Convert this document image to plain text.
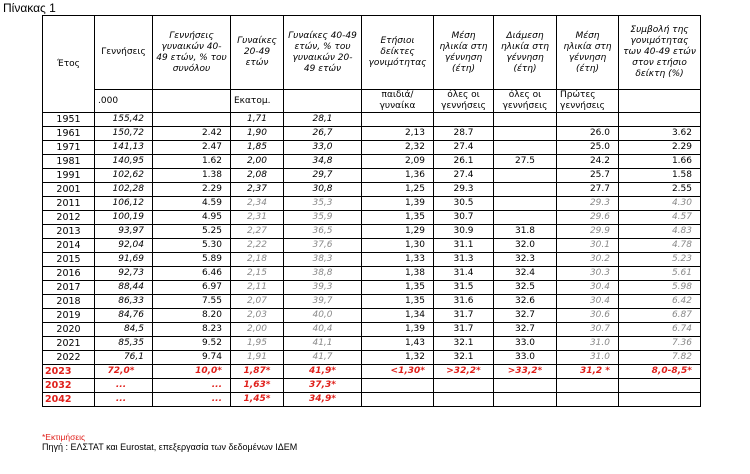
Πίνακας 1
Έτος	Γεννήσεις	Γεννήσεις γυναικών 40-49 ετών, % του συνόλου	Γυναίκες 20-49 ετών	Γυναίκες 40-49 ετών, % του γυναικών 20-49 ετών	Ετήσιοι δείκτες γονιμότητας	Μέση ηλικία στη γέννηση (έτη)	Διάμεση ηλικία στη γέννηση (έτη)	Μέση ηλικία στη γέννηση (έτη)	Συμβολή της γονιμότητας των 40-49 ετών στον ετήσιο δείκτη (%)
	.000		Εκατομ.		παιδιά/ γυναίκα	όλες οι γεννήσεις	όλες οι γεννήσεις	Πρώτες γεννήσεις	
1951	155,42		1,71	28,1					
1961	150,72	2.42	1,90	26,7	2,13	28.7		26.0	3.62
1971	141,13	2.47	1,85	33,0	2,32	27.4		25.0	2.29
1981	140,95	1.62	2,00	34,8	2,09	26.1	27.5	24.2	1.66
1991	102,62	1.38	2,08	29,7	1,36	27.4		25.7	1.58
2001	102,28	2.29	2,37	30,8	1,25	29.3		27.7	2.55
2011	106,12	4.59	2,34	35,3	1,39	30.5		29.3	4.30
2012	100,19	4.95	2,31	35,9	1,35	30.7		29.6	4.57
2013	93,97	5.25	2,27	36,5	1,29	30.9	31.8	29.9	4.83
2014	92,04	5.30	2,22	37,6	1,30	31.1	32.0	30.1	4.78
2015	91,69	5.89	2,18	38,3	1,33	31.3	32.3	30.2	5.23
2016	92,73	6.46	2,15	38,8	1,38	31.4	32.4	30.3	5.61
2017	88,44	6.97	2,11	39,3	1,35	31.5	32.5	30.4	5.98
2018	86,33	7.55	2,07	39,7	1,35	31.6	32.6	30.4	6.42
2019	84,76	8.20	2,03	40,0	1,34	31.7	32.7	30.6	6.87
2020	84,5	8.23	2,00	40,4	1,39	31.7	32.7	30.7	6.74
2021	85,35	9.52	1,95	41,1	1,43	32.1	33.0	31.0	7.36
2022	76,1	9.74	1,91	41,7	1,32	32.1	33.0	31.0	7.82
2023	72,0*	10,0*	1,87*	41,9*	<1,30*	>32,2*	>33,2*	31,2 *	8,0-8,5*
2032	...	...	1,63*	37,3*					
2042	...	...	1,45*	34,9*					
*Εκτιμήσεις
Πηγή : ΕΛΣΤΑΤ και Eurostat, επεξεργασία των δεδομένων ΙΔΕΜ
